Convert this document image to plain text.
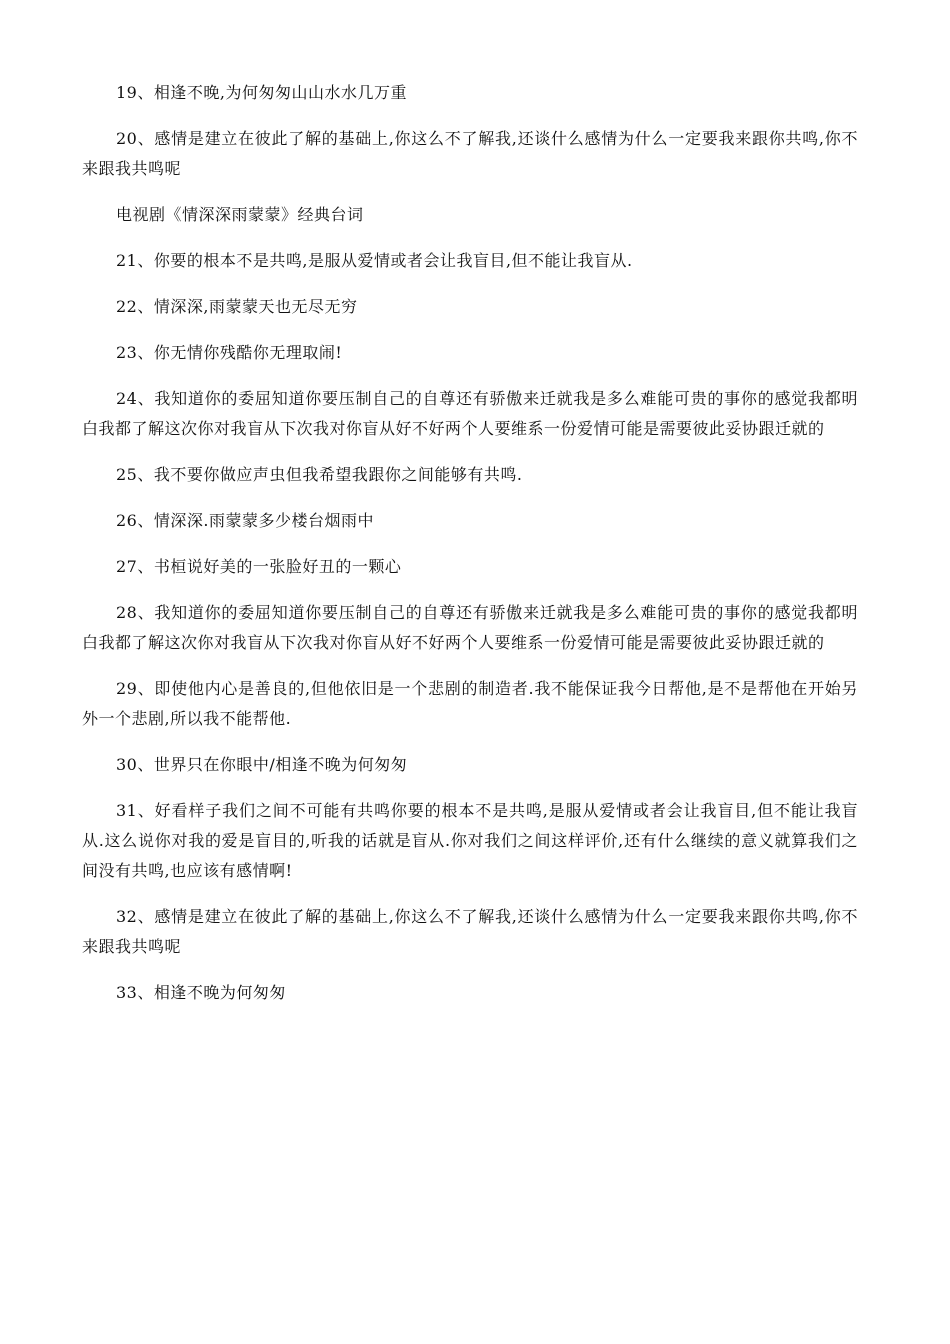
19、相逢不晚,为何匆匆山山水水几万重

20、感情是建立在彼此了解的基础上,你这么不了解我,还谈什么感情为什么一定要我来跟你共鸣,你不来跟我共鸣呢

电视剧《情深深雨蒙蒙》经典台词

21、你要的根本不是共鸣,是服从爱情或者会让我盲目,但不能让我盲从.

22、情深深,雨蒙蒙天也无尽无穷

23、你无情你残酷你无理取闹!

24、我知道你的委屈知道你要压制自己的自尊还有骄傲来迁就我是多么难能可贵的事你的感觉我都明白我都了解这次你对我盲从下次我对你盲从好不好两个人要维系一份爱情可能是需要彼此妥协跟迁就的

25、我不要你做应声虫但我希望我跟你之间能够有共鸣.

26、情深深.雨蒙蒙多少楼台烟雨中

27、书桓说好美的一张脸好丑的一颗心

28、我知道你的委屈知道你要压制自己的自尊还有骄傲来迁就我是多么难能可贵的事你的感觉我都明白我都了解这次你对我盲从下次我对你盲从好不好两个人要维系一份爱情可能是需要彼此妥协跟迁就的

29、即使他内心是善良的,但他依旧是一个悲剧的制造者.我不能保证我今日帮他,是不是帮他在开始另外一个悲剧,所以我不能帮他.

30、世界只在你眼中/相逢不晚为何匆匆

31、好看样子我们之间不可能有共鸣你要的根本不是共鸣,是服从爱情或者会让我盲目,但不能让我盲从.这么说你对我的爱是盲目的,听我的话就是盲从.你对我们之间这样评价,还有什么继续的意义就算我们之间没有共鸣,也应该有感情啊!

32、感情是建立在彼此了解的基础上,你这么不了解我,还谈什么感情为什么一定要我来跟你共鸣,你不来跟我共鸣呢

33、相逢不晚为何匆匆
